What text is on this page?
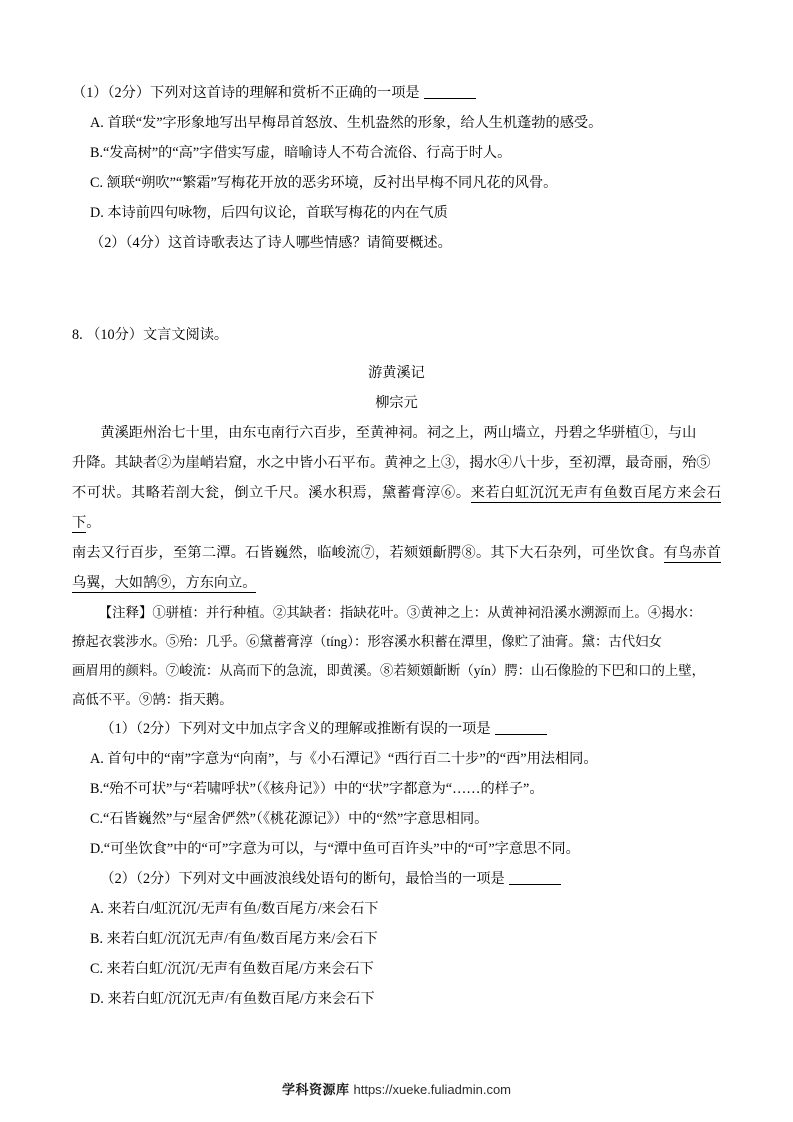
（1）（2分）下列对这首诗的理解和赏析不正确的一项是

A. 首联“发”字形象地写出早梅昂首怒放、生机盎然的形象，给人生机蓬勃的感受。

B.“发高树”的“高”字借实写虚，暗喻诗人不苟合流俗、行高于时人。

C. 颔联“朔吹”“繁霜”写梅花开放的恶劣环境，反衬出早梅不同凡花的风骨。

D. 本诗前四句咏物，后四句议论，首联写梅花的内在气质

（2）（4分）这首诗歌表达了诗人哪些情感？请简要概述。

8. （10分）文言文阅读。

游黄溪记

柳宗元

黄溪距州治七十里，由东屯南行六百步，至黄神祠。祠之上，两山墙立，丹碧之华骈植①，与山

升降。其缺者②为崖峭岩窟，水之中皆小石平布。黄神之上③，揭水④八十步，至初潭，最奇丽，殆⑤

不可状。其略若剖大瓮，倒立千尺。溪水积焉，黛蓄膏淳⑥。来若白虹沉沉无声有鱼数百尾方来会石下。

南去又行百步，至第二潭。石皆巍然，临峻流⑦，若颏頞齗腭⑧。其下大石杂列，可坐饮食。有鸟赤首乌翼，大如鹄⑨，方东向立。

【注释】①骈植：并行种植。②其缺者：指缺花叶。③黄神之上：从黄神祠沿溪水溯源而上。④揭水：

撩起衣裳涉水。⑤殆：几乎。⑥黛蓄膏淳（tíng）：形容溪水积蓄在潭里，像贮了油膏。黛：古代妇女

画眉用的颜料。⑦峻流：从高而下的急流，即黄溪。⑧若颏頞齗断（yín）腭：山石像脸的下巴和口的上壁，

高低不平。⑨鹄：指天鹅。

（1）（2分）下列对文中加点字含义的理解或推断有误的一项是

A. 首句中的“南”字意为“向南”，与《小石潭记》“西行百二十步”的“西”用法相同。

B.“殆不可状”与“若啸呼状”（《核舟记》）中的“状”字都意为“……的样子”。

C.“石皆巍然”与“屋舍俨然”（《桃花源记》）中的“然”字意思相同。

D.“可坐饮食”中的“可”字意为可以，与“潭中鱼可百许头”中的“可”字意思不同。

（2）（2分）下列对文中画波浪线处语句的断句，最恰当的一项是

A. 来若白/虹沉沉/无声有鱼/数百尾方/来会石下

B. 来若白虹/沉沉无声/有鱼/数百尾方来/会石下

C. 来若白虹/沉沉/无声有鱼数百尾/方来会石下

D. 来若白虹/沉沉无声/有鱼数百尾/方来会石下

学科资源库 https://xueke.fuliadmin.com
